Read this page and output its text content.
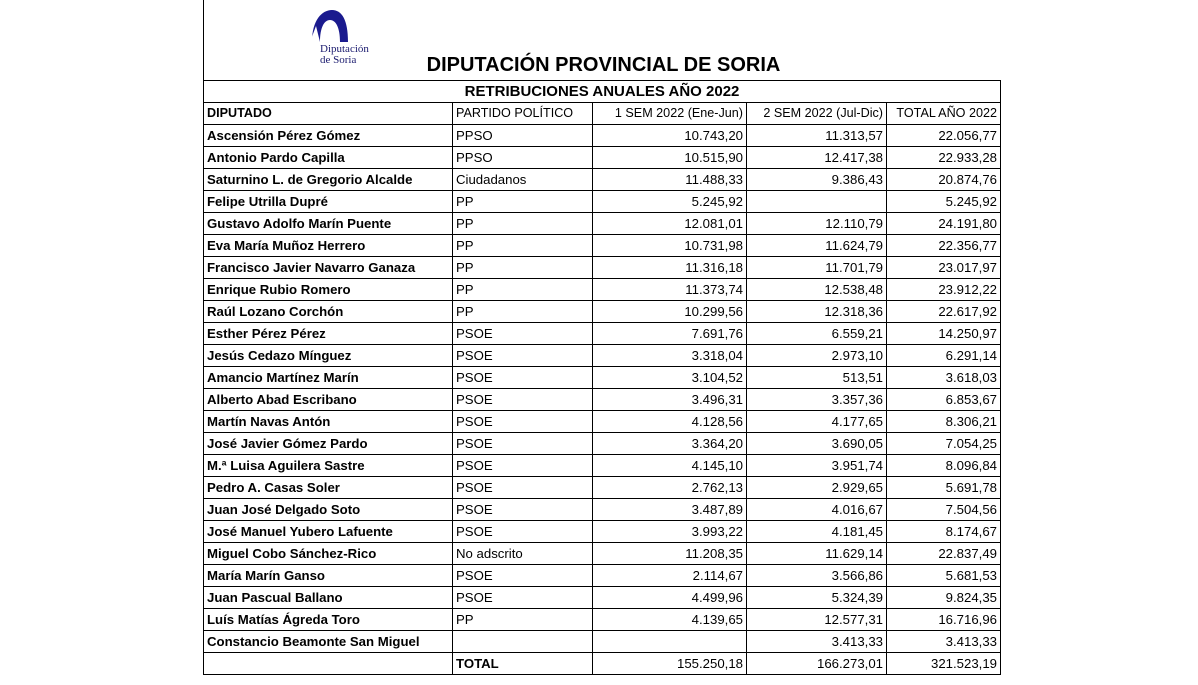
Diputación
de Soria	DIPUTACIÓN PROVINCIAL DE SORIA
RETRIBUCIONES ANUALES AÑO 2022				
DIPUTADO	PARTIDO POLÍTICO	1 SEM 2022 (Ene-Jun)	2 SEM 2022 (Jul-Dic)	TOTAL AÑO 2022
Ascensión Pérez Gómez	PPSO	10.743,20	11.313,57	22.056,77
Antonio Pardo Capilla	PPSO	10.515,90	12.417,38	22.933,28
Saturnino L. de Gregorio Alcalde	Ciudadanos	11.488,33	9.386,43	20.874,76
Felipe Utrilla Dupré	PP	5.245,92		5.245,92
Gustavo Adolfo Marín Puente	PP	12.081,01	12.110,79	24.191,80
Eva María Muñoz Herrero	PP	10.731,98	11.624,79	22.356,77
Francisco Javier Navarro Ganaza	PP	11.316,18	11.701,79	23.017,97
Enrique Rubio Romero	PP	11.373,74	12.538,48	23.912,22
Raúl Lozano Corchón	PP	10.299,56	12.318,36	22.617,92
Esther Pérez Pérez	PSOE	7.691,76	6.559,21	14.250,97
Jesús Cedazo Mínguez	PSOE	3.318,04	2.973,10	6.291,14
Amancio Martínez Marín	PSOE	3.104,52	513,51	3.618,03
Alberto Abad Escribano	PSOE	3.496,31	3.357,36	6.853,67
Martín Navas Antón	PSOE	4.128,56	4.177,65	8.306,21
José Javier Gómez Pardo	PSOE	3.364,20	3.690,05	7.054,25
M.ª Luisa Aguilera Sastre	PSOE	4.145,10	3.951,74	8.096,84
Pedro A. Casas Soler	PSOE	2.762,13	2.929,65	5.691,78
Juan José Delgado Soto	PSOE	3.487,89	4.016,67	7.504,56
José Manuel Yubero Lafuente	PSOE	3.993,22	4.181,45	8.174,67
Miguel Cobo Sánchez-Rico	No adscrito	11.208,35	11.629,14	22.837,49
María Marín Ganso	PSOE	2.114,67	3.566,86	5.681,53
Juan Pascual Ballano	PSOE	4.499,96	5.324,39	9.824,35
Luís Matías Ágreda Toro	PP	4.139,65	12.577,31	16.716,96
Constancio Beamonte San Miguel			3.413,33	3.413,33
	TOTAL	155.250,18	166.273,01	321.523,19
